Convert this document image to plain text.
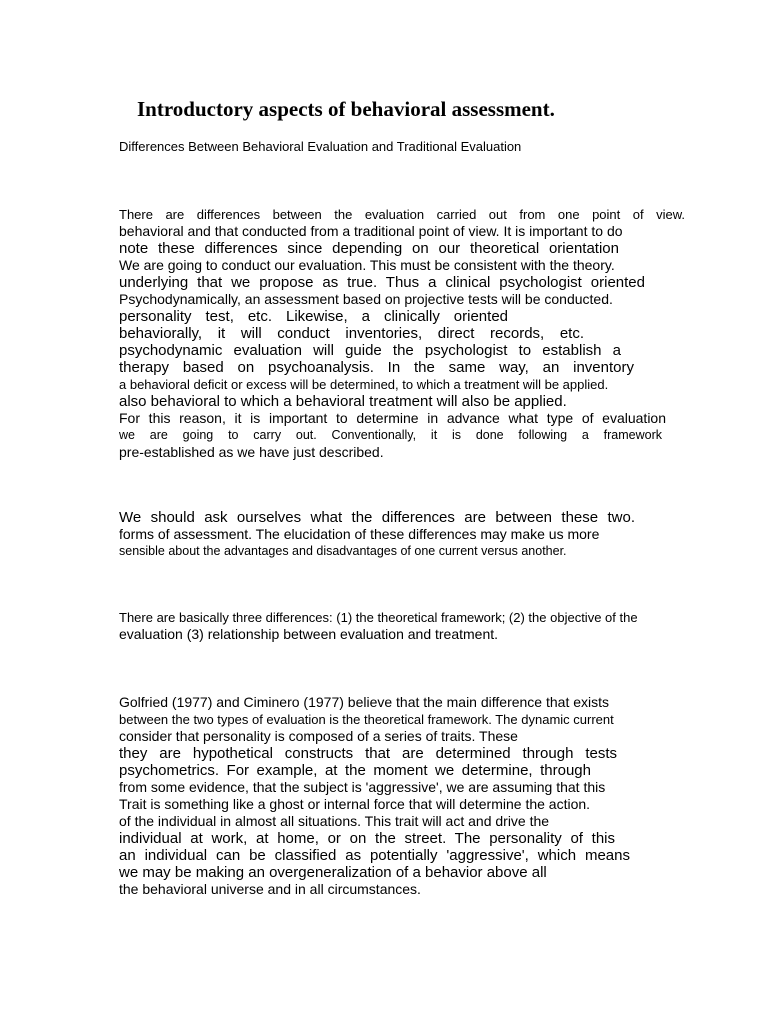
Introductory aspects of behavioral assessment.
Differences Between Behavioral Evaluation and Traditional Evaluation
There are differences between the evaluation carried out from one point of view.
behavioral and that conducted from a traditional point of view. It is important to do
note these differences since depending on our theoretical orientation
We are going to conduct our evaluation. This must be consistent with the theory.
underlying that we propose as true. Thus a clinical psychologist oriented
Psychodynamically, an assessment based on projective tests will be conducted.
personality test, etc. Likewise, a clinically oriented
behaviorally, it will conduct inventories, direct records, etc.
psychodynamic evaluation will guide the psychologist to establish a
therapy based on psychoanalysis. In the same way, an inventory
a behavioral deficit or excess will be determined, to which a treatment will be applied.
also behavioral to which a behavioral treatment will also be applied.
For this reason, it is important to determine in advance what type of evaluation
we are going to carry out. Conventionally, it is done following a framework
pre-established as we have just described.
We should ask ourselves what the differences are between these two.
forms of assessment. The elucidation of these differences may make us more
sensible about the advantages and disadvantages of one current versus another.
There are basically three differences: (1) the theoretical framework; (2) the objective of the
evaluation (3) relationship between evaluation and treatment.
Golfried (1977) and Ciminero (1977) believe that the main difference that exists
between the two types of evaluation is the theoretical framework. The dynamic current
consider that personality is composed of a series of traits. These
they are hypothetical constructs that are determined through tests
psychometrics. For example, at the moment we determine, through
from some evidence, that the subject is 'aggressive', we are assuming that this
Trait is something like a ghost or internal force that will determine the action.
of the individual in almost all situations. This trait will act and drive the
individual at work, at home, or on the street. The personality of this
an individual can be classified as potentially 'aggressive', which means
we may be making an overgeneralization of a behavior above all
the behavioral universe and in all circumstances.
